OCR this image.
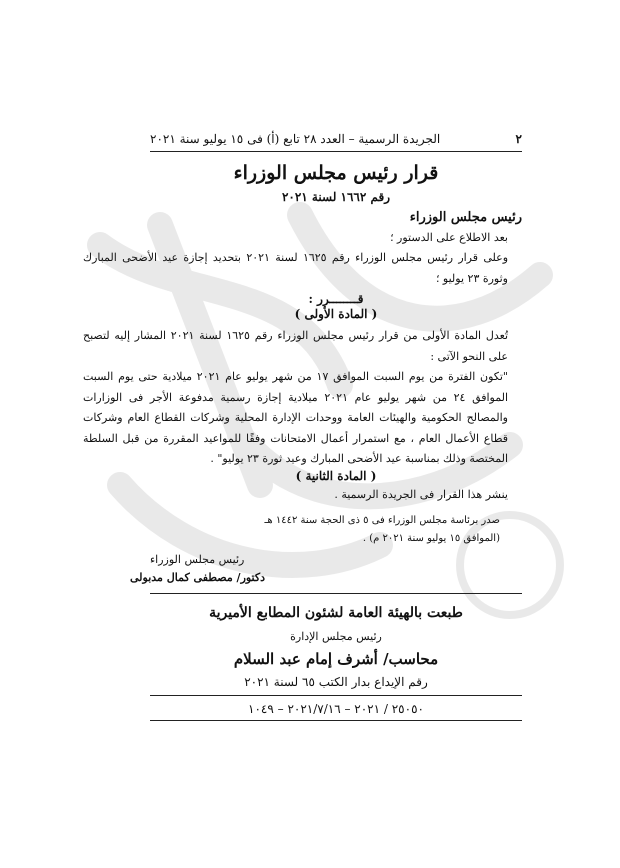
٢
الجريدة الرسمية – العدد ٢٨ تابع (أ) فى ١٥ يوليو سنة ٢٠٢١
قرار رئيس مجلس الوزراء
رقم ١٦٦٢ لسنة ٢٠٢١
رئيس مجلس الوزراء
بعد الاطلاع على الدستور ؛
وعلى قرار رئيس مجلس الوزراء رقم ١٦٢٥ لسنة ٢٠٢١ بتحديد إجازة عيد الأضحى المبارك وثورة ٢٣ يوليو ؛
قــــــــرر :
( المادة الأولى )
تُعدل المادة الأولى من قرار رئيس مجلس الوزراء رقم ١٦٢٥ لسنة ٢٠٢١ المشار إليه لتصبح على النحو الآتى :
"تكون الفترة من يوم السبت الموافق ١٧ من شهر يوليو عام ٢٠٢١ ميلادية حتى يوم السبت الموافق ٢٤ من شهر يوليو عام ٢٠٢١ ميلادية إجازة رسمية مدفوعة الأجر فى الوزارات والمصالح الحكومية والهيئات العامة ووحدات الإدارة المحلية وشركات القطاع العام وشركات قطاع الأعمال العام ، مع استمرار أعمال الامتحانات وفقًا للمواعيد المقررة من قبل السلطة المختصة وذلك بمناسبة عيد الأضحى المبارك وعيد ثورة ٢٣ يوليو" .
( المادة الثانية )
ينشر هذا القرار فى الجريدة الرسمية .
صدر برئاسة مجلس الوزراء فى ٥ ذى الحجة سنة ١٤٤٢ هـ
(الموافق ١٥ يوليو سنة ٢٠٢١ م) .
رئيس مجلس الوزراء
دكتور/ مصطفى كمال مدبولى
طبعت بالهيئة العامة لشئون المطابع الأميرية
رئيس مجلس الإدارة
محاسب/ أشرف إمام عبد السلام
رقم الإيداع بدار الكتب ٦٥ لسنة ٢٠٢١
٢٥٠٥٠ / ٢٠٢١ – ٢٠٢١/٧/١٦ – ١٠٤٩
